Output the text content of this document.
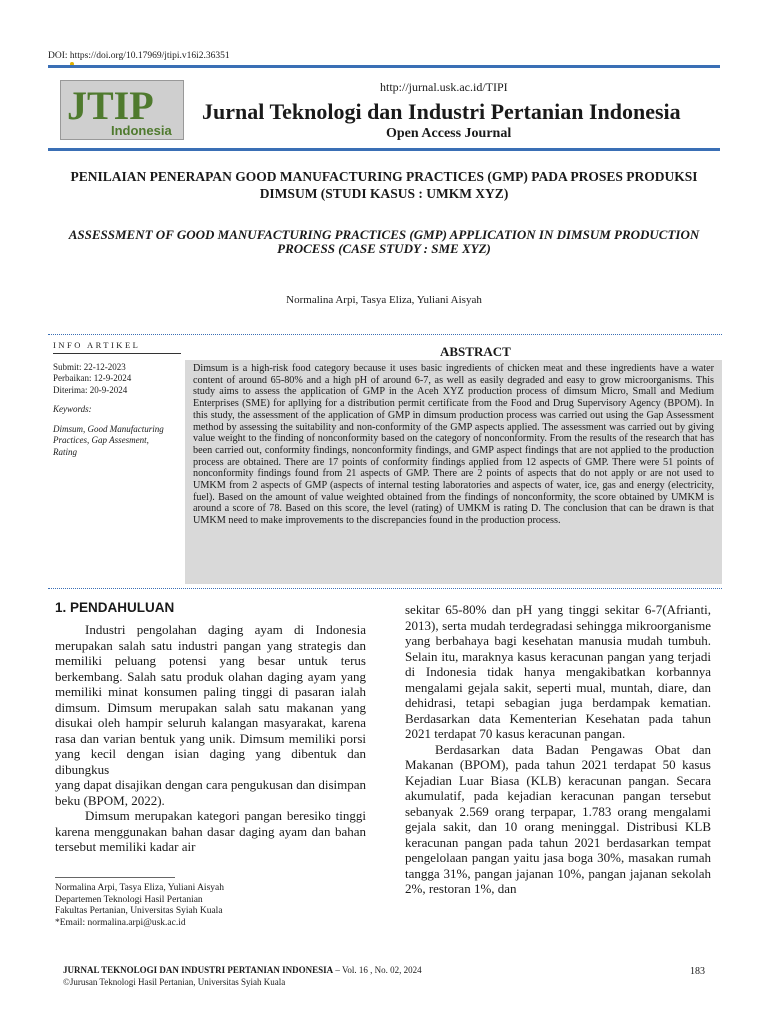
DOI: https://doi.org/10.17969/jtipi.v16i2.36351
JTIP
Indonesia
http://jurnal.usk.ac.id/TIPI
Jurnal Teknologi dan Industri Pertanian Indonesia
Open Access Journal
PENILAIAN PENERAPAN GOOD MANUFACTURING PRACTICES (GMP) PADA PROSES PRODUKSI DIMSUM (STUDI KASUS : UMKM XYZ)
ASSESSMENT OF GOOD MANUFACTURING PRACTICES (GMP) APPLICATION IN DIMSUM PRODUCTION PROCESS (CASE STUDY : SME XYZ)
Normalina Arpi, Tasya Eliza, Yuliani Aisyah
INFO ARTIKEL

Submit: 22-12-2023

Perbaikan: 12-9-2024

Diterima: 20-9-2024

Keywords:

Dimsum, Good Manufacturing Practices, Gap Assesment, Rating

ABSTRACT
Dimsum is a high-risk food category because it uses basic ingredients of chicken meat and these ingredients have a water content of around 65-80% and a high pH of around 6-7, as well as easily degraded and easy to grow microorganisms. This study aims to assess the application of GMP in the Aceh XYZ production process of dimsum Micro, Small and Medium Enterprises (SME) for apllying for a distribution permit certificate from the Food and Drug Supervisory Agency (BPOM). In this study, the assessment of the application of GMP in dimsum production process was carried out using the Gap Assessment method by assessing the suitability and non-conformity of the GMP aspects applied. The assessment was carried out by giving value weight to the finding of nonconformity based on the category of nonconformity. From the results of the research that has been carried out, conformity findings, nonconformity findings, and GMP aspect findings that are not applied to the production process are obtained. There are 17 points of conformity findings applied from 12 aspects of GMP. There were 51 points of nonconformity findings found from 21 aspects of GMP. There are 2 points of aspects that do not apply or are not used to UMKM from 2 aspects of GMP (aspects of internal testing laboratories and aspects of water, ice, gas and energy (electricity, fuel). Based on the amount of value weighted obtained from the findings of nonconformity, the score obtained by UMKM is around a score of 78. Based on this score, the level (rating) of UMKM is rating D. The conclusion that can be drawn is that UMKM need to make improvements to the discrepancies found in the production process.
1. PENDAHULUAN

Industri pengolahan daging ayam di Indonesia merupakan salah satu industri pangan yang strategis dan memiliki peluang potensi yang besar untuk terus berkembang. Salah satu produk olahan daging ayam yang memiliki minat konsumen paling tinggi di pasaran ialah dimsum. Dimsum merupakan salah satu makanan yang disukai oleh hampir seluruh kalangan masyarakat, karena rasa dan varian bentuk yang unik. Dimsum memiliki porsi yang kecil dengan isian daging yang dibentuk dan dibungkus

yang dapat disajikan dengan cara pengukusan dan disimpan beku (BPOM, 2022).

Dimsum merupakan kategori pangan beresiko tinggi karena menggunakan bahan dasar daging ayam dan bahan tersebut memiliki kadar air

Normalina Arpi, Tasya Eliza, Yuliani Aisyah
Departemen Teknologi Hasil Pertanian
Fakultas Pertanian, Universitas Syiah Kuala
*Email: normalina.arpi@usk.ac.id

sekitar 65-80% dan pH yang tinggi sekitar 6-7(Afrianti, 2013), serta mudah terdegradasi sehingga mikroorganisme yang berbahaya bagi kesehatan manusia mudah tumbuh. Selain itu, maraknya kasus keracunan pangan yang terjadi di Indonesia tidak hanya mengakibatkan korbannya mengalami gejala sakit, seperti mual, muntah, diare, dan dehidrasi, tetapi sebagian juga berdampak kematian. Berdasarkan data Kementerian Kesehatan pada tahun 2021 terdapat 70 kasus keracunan pangan.

Berdasarkan data Badan Pengawas Obat dan Makanan (BPOM), pada tahun 2021 terdapat 50 kasus Kejadian Luar Biasa (KLB) keracunan pangan. Secara akumulatif, pada kejadian keracunan pangan tersebut sebanyak 2.569 orang terpapar, 1.783 orang mengalami gejala sakit, dan 10 orang meninggal. Distribusi KLB keracunan pangan pada tahun 2021 berdasarkan tempat pengelolaan pangan yaitu jasa boga 30%, masakan rumah tangga 31%, pangan jajanan 10%, pangan jajanan sekolah 2%, restoran 1%, dan

JURNAL TEKNOLOGI DAN INDUSTRI PERTANIAN INDONESIA – Vol. 16 , No. 02, 2024
©Jurusan Teknologi Hasil Pertanian, Universitas Syiah Kuala
183
